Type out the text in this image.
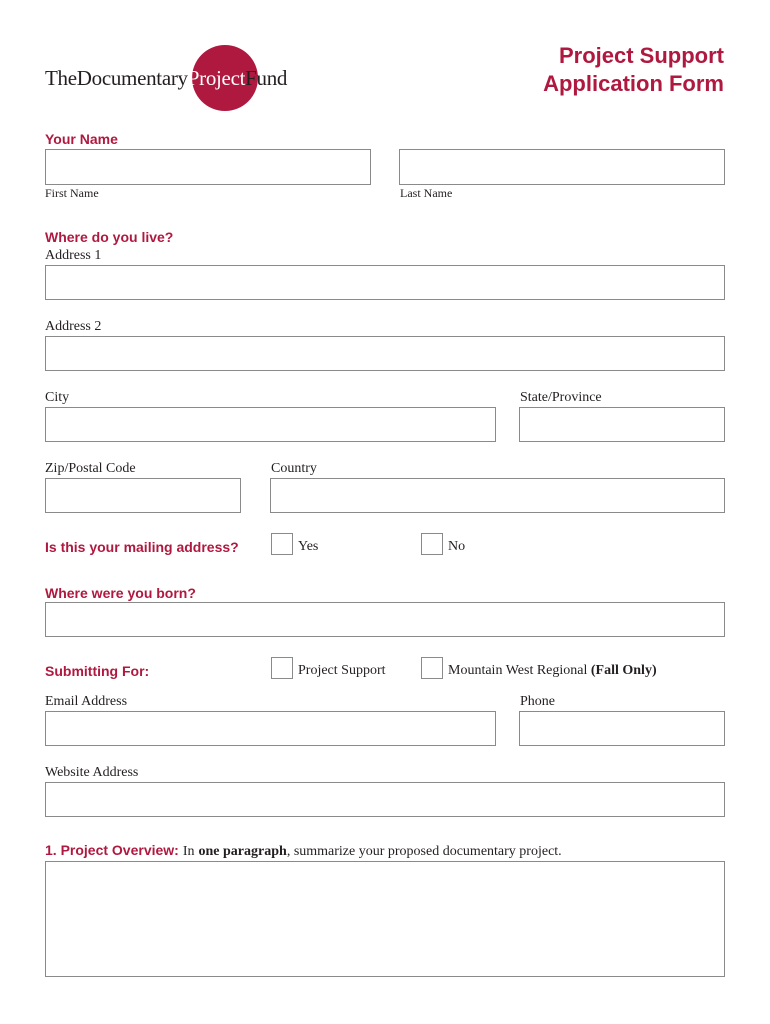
TheDocumentaryProjectFund
Project Support
Application Form
Your Name
First Name	Last Name
Where do you live?
Address 1
Address 2
City	State/Province
Zip/Postal Code	Country
Is this your mailing address?	Yes	No
Where were you born?
Submitting For:	Project Support	Mountain West Regional (Fall Only)
Email Address	Phone
Website Address
1. Project Overview: In one paragraph, summarize your proposed documentary project.
